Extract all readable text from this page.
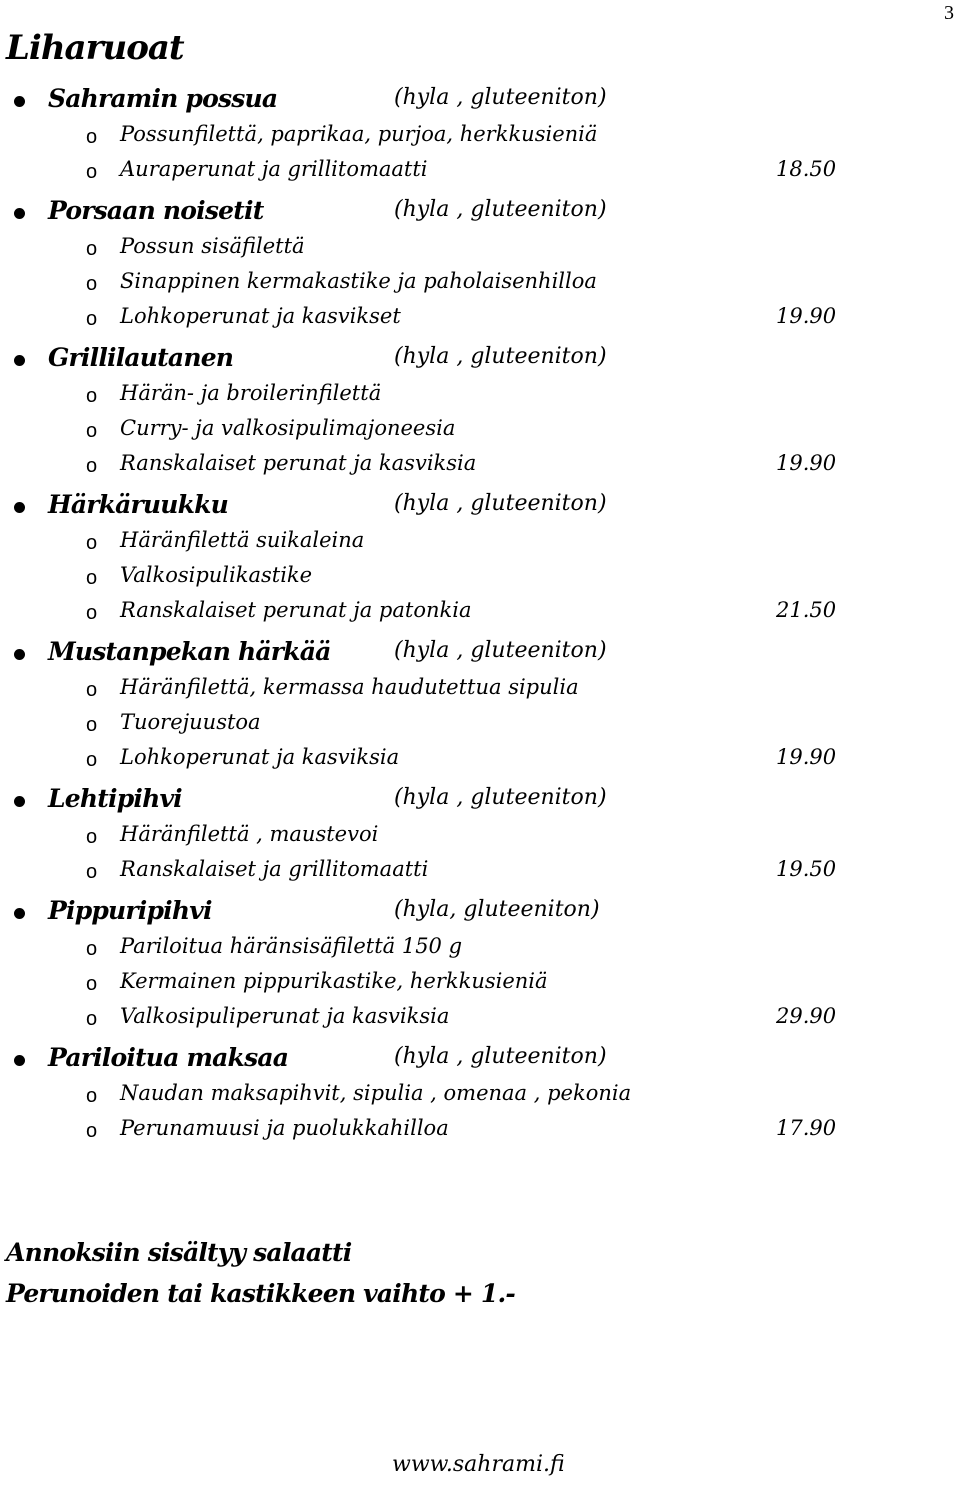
3
Liharuoat
Sahramin possua	(hyla , gluteeniton)
o Possunfilettä, paprikaa, purjoa, herkkusieniä
o Auraperunat ja grillitomaatti	18.50
Porsaan noisetit	(hyla , gluteeniton)
o Possun sisäfilettä
o Sinappinen kermakastike ja paholaisenhilloa
o Lohkoperunat ja kasvikset	19.90
Grillilautanen	(hyla , gluteeniton)
o Härän- ja broilerinfilettä
o Curry- ja valkosipulimajoneesia
o Ranskalaiset perunat ja kasviksia	19.90
Härkäruukku	(hyla , gluteeniton)
o Häränfilettä suikaleina
o Valkosipulikastike
o Ranskalaiset perunat ja patonkia	21.50
Mustanpekan härkää	(hyla , gluteeniton)
o Häränfilettä, kermassa haudutettua sipulia
o Tuorejuustoa
o Lohkoperunat ja kasviksia	19.90
Lehtipihvi	(hyla , gluteeniton)
o Häränfilettä , maustevoi
o Ranskalaiset ja grillitomaatti	19.50
Pippuripihvi	(hyla, gluteeniton)
o Pariloitua häränsisäfilettä 150 g
o Kermainen pippurikastike, herkkusieniä
o Valkosipuliperunat ja kasviksia	29.90
Pariloitua maksaa	(hyla , gluteeniton)
o Naudan maksapihvit, sipulia , omenaa , pekonia
o Perunamuusi ja puolukkahilloa	17.90
Annoksiin sisältyy salaatti
Perunoiden tai kastikkeen vaihto + 1.-
www.sahrami.fi
